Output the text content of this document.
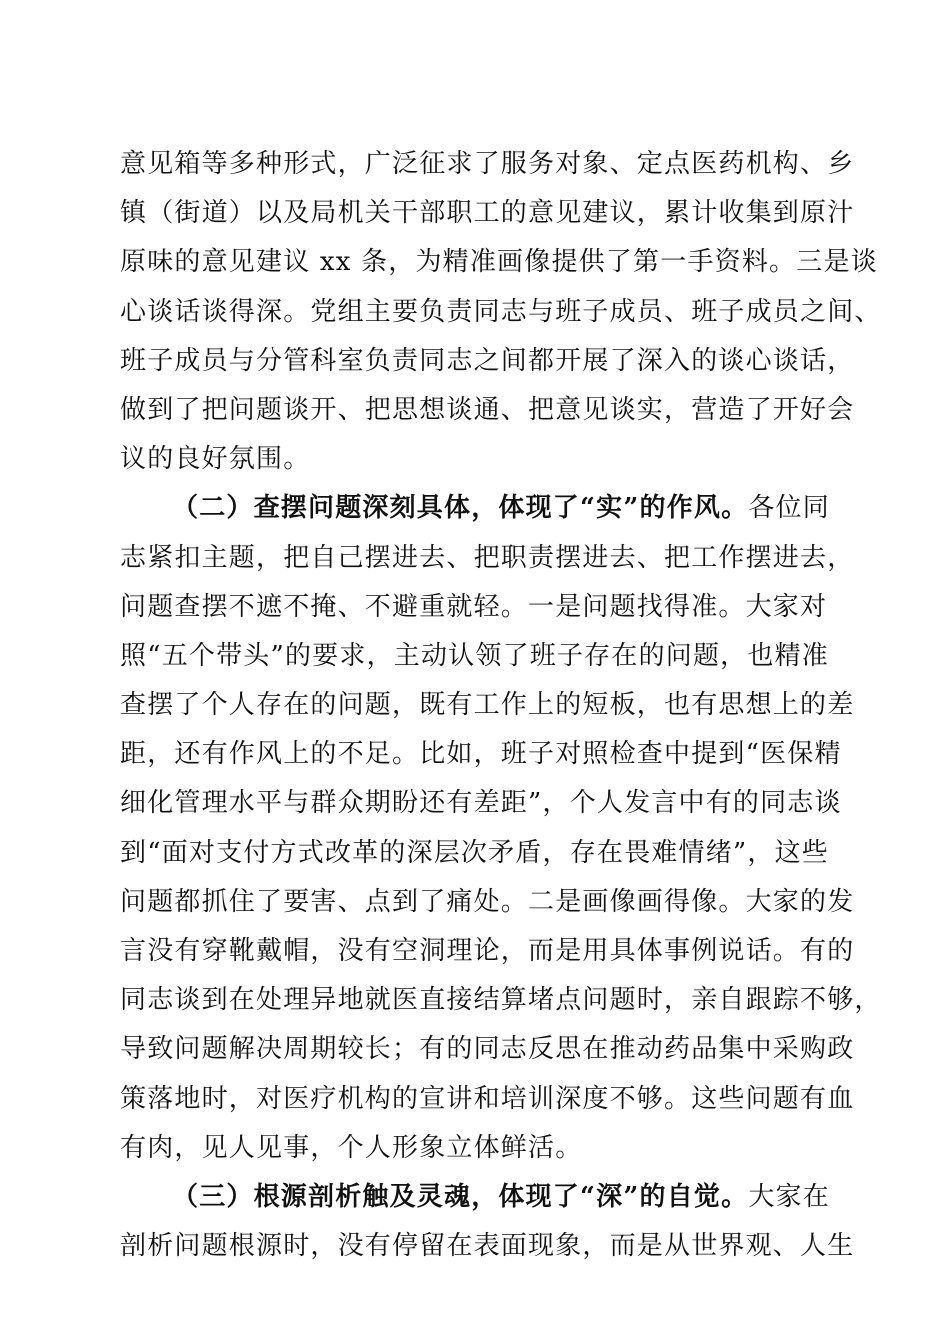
意见箱等多种形式，广泛征求了服务对象、定点医药机构、乡
镇（街道）以及局机关干部职工的意见建议，累计收集到原汁
原味的意见建议 xx 条，为精准画像提供了第一手资料。三是谈
心谈话谈得深。党组主要负责同志与班子成员、班子成员之间、
班子成员与分管科室负责同志之间都开展了深入的谈心谈话，
做到了把问题谈开、把思想谈通、把意见谈实，营造了开好会
议的良好氛围。
（二）查摆问题深刻具体，体现了“实”的作风。各位同
志紧扣主题，把自己摆进去、把职责摆进去、把工作摆进去，
问题查摆不遮不掩、不避重就轻。一是问题找得准。大家对
照“五个带头”的要求，主动认领了班子存在的问题，也精准
查摆了个人存在的问题，既有工作上的短板，也有思想上的差
距，还有作风上的不足。比如，班子对照检查中提到“医保精
细化管理水平与群众期盼还有差距”，个人发言中有的同志谈
到“面对支付方式改革的深层次矛盾，存在畏难情绪”，这些
问题都抓住了要害、点到了痛处。二是画像画得像。大家的发
言没有穿靴戴帽，没有空洞理论，而是用具体事例说话。有的
同志谈到在处理异地就医直接结算堵点问题时，亲自跟踪不够，
导致问题解决周期较长；有的同志反思在推动药品集中采购政
策落地时，对医疗机构的宣讲和培训深度不够。这些问题有血
有肉，见人见事，个人形象立体鲜活。
（三）根源剖析触及灵魂，体现了“深”的自觉。大家在
剖析问题根源时，没有停留在表面现象，而是从世界观、人生
